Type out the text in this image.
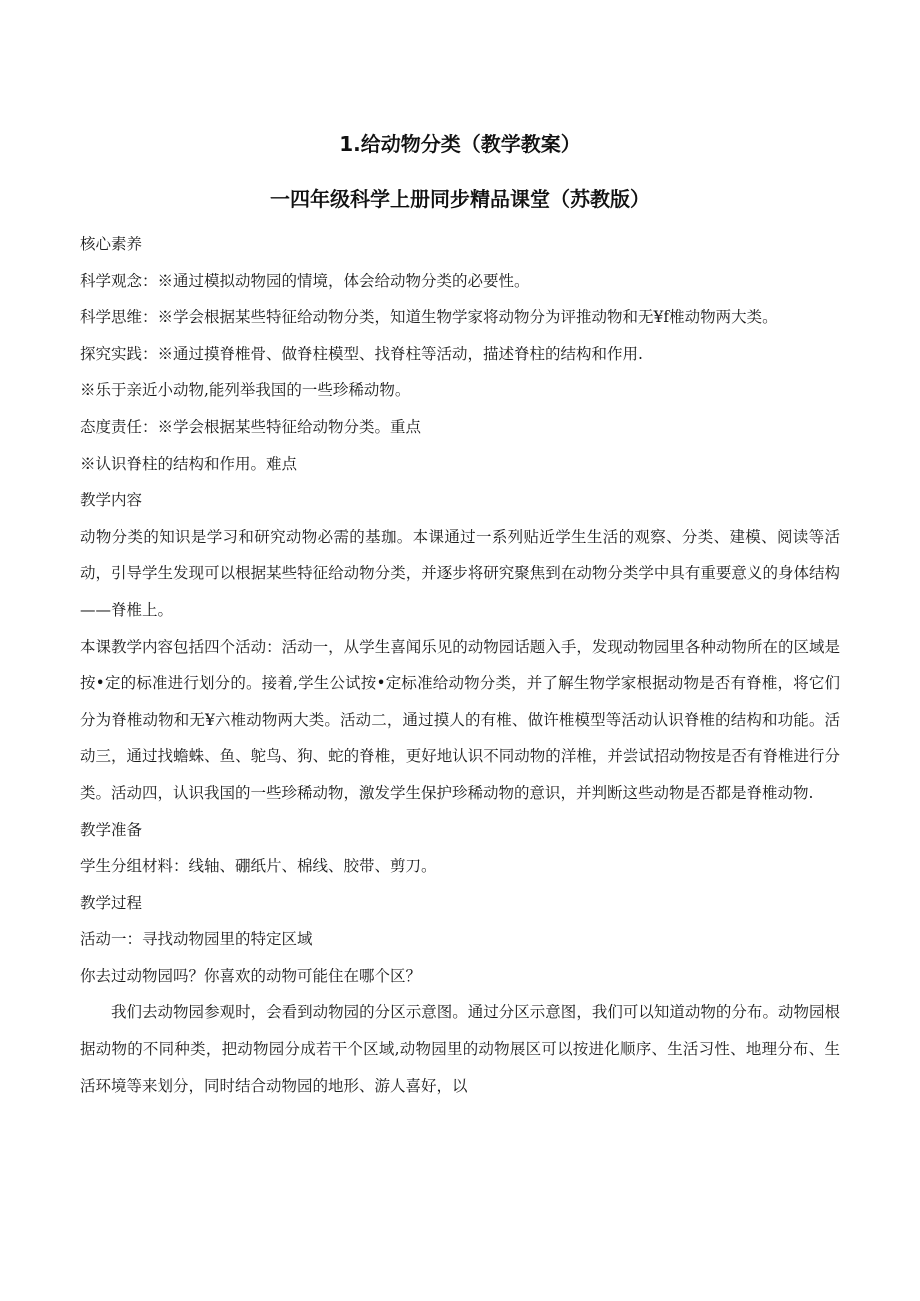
1.给动物分类（教学教案）
一四年级科学上册同步精品课堂（苏教版）
核心素养
科学观念：※通过模拟动物园的情境，体会给动物分类的必要性。
科学思维：※学会根据某些特征给动物分类，知道生物学家将动物分为评推动物和无¥f椎动物两大类。
探究实践：※通过摸脊椎骨、做脊柱模型、找脊柱等活动，描述脊柱的结构和作用.
※乐于亲近小动物,能列举我国的一些珍稀动物。
态度责任：※学会根据某些特征给动物分类。重点
※认识脊柱的结构和作用。难点
教学内容
动物分类的知识是学习和研究动物必需的基珈。本课通过一系列贴近学生生活的观察、分类、建模、阅读等活动，引导学生发现可以根据某些特征给动物分类，并逐步将研究聚焦到在动物分类学中具有重要意义的身体结构——脊椎上。
本课教学内容包括四个活动：活动一，从学生喜闻乐见的动物园话题入手，发现动物园里各种动物所在的区域是按•定的标准进行划分的。接着,学生公试按•定标准给动物分类，并了解生物学家根据动物是否有脊椎，将它们分为脊椎动物和无¥六椎动物两大类。活动二，通过摸人的有椎、做许椎模型等活动认识脊椎的结构和功能。活动三，通过找蟾蛛、鱼、鸵鸟、狗、蛇的脊椎，更好地认识不同动物的洋椎，并尝试招动物按是否有脊椎进行分类。活动四，认识我国的一些珍稀动物，激发学生保护珍稀动物的意识，并判断这些动物是否都是脊椎动物.
教学准备
学生分组材料：线轴、硼纸片、棉线、胶带、剪刀。
教学过程
活动一：寻找动物园里的特定区域
你去过动物园吗？你喜欢的动物可能住在哪个区？
我们去动物园参观时，会看到动物园的分区示意图。通过分区示意图，我们可以知道动物的分布。动物园根据动物的不同种类，把动物园分成若干个区域,动物园里的动物展区可以按进化顺序、生活习性、地理分布、生活环境等来划分，同时结合动物园的地形、游人喜好，以
